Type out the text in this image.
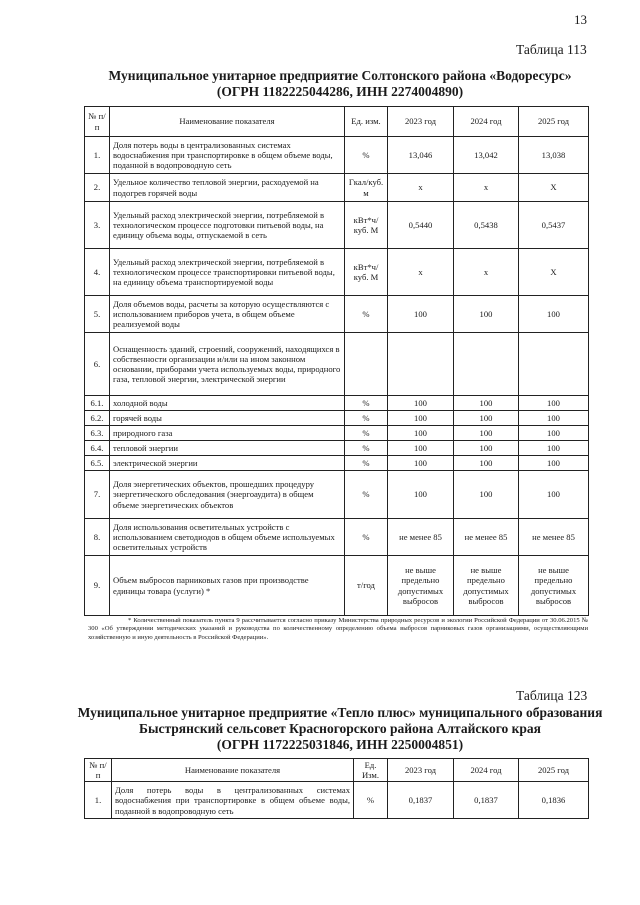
13
Таблица 113
Муниципальное унитарное предприятие Солтонского района «Водоресурс»
(ОГРН 1182225044286, ИНН 2274004890)
№ п/п	Наименование показателя	Ед. изм.	2023 год	2024 год	2025 год
1.	Доля потерь воды в централизованных системах водоснабжения при транспортировке в общем объеме воды, поданной в водопроводную сеть	%	13,046	13,042	13,038
2.	Удельное количество тепловой энергии, расходуемой на подогрев горячей воды	Гкал/куб. м	х	х	Х
3.	Удельный расход электрической энергии, потребляемой в технологическом процессе подготовки питьевой воды, на единицу объема воды, отпускаемой в сеть	кВт*ч/куб. М	0,5440	0,5438	0,5437
4.	Удельный расход электрической энергии, потребляемой в технологическом процессе транспортировки питьевой воды, на единицу объема транспортируемой воды	кВт*ч/куб. М	х	х	Х
5.	Доля объемов воды, расчеты за которую осуществляются с использованием приборов учета, в общем объеме реализуемой воды	%	100	100	100
6.	Оснащенность зданий, строений, сооружений, находящихся в собственности организации и/или на ином законном основании, приборами учета используемых воды, природного газа, тепловой энергии, электрической энергии				
6.1.	холодной воды	%	100	100	100
6.2.	горячей воды	%	100	100	100
6.3.	природного газа	%	100	100	100
6.4.	тепловой энергии	%	100	100	100
6.5.	электрической энергии	%	100	100	100
7.	Доля энергетических объектов, прошедших процедуру энергетического обследования (энергоаудита) в общем объеме энергетических объектов	%	100	100	100
8.	Доля использования осветительных устройств с использованием светодиодов в общем объеме используемых осветительных устройств	%	не менее 85	не менее 85	не менее 85
9.	Объем выбросов парниковых газов при производстве единицы товара (услуги) *	т/год	не выше предельно допустимых выбросов	не выше предельно допустимых выбросов	не выше предельно допустимых выбросов
* Количественный показатель пункта 9 рассчитывается согласно приказу Министерства природных ресурсов и экологии Российской Федерации от 30.06.2015 № 300 «Об утверждении методических указаний и руководства по количественному определению объема выбросов парниковых газов организациями, осуществляющими хозяйственную и иную деятельность в Российской Федерации».
Таблица 123
Муниципальное унитарное предприятие «Тепло плюс» муниципального образования
Быстрянский сельсовет Красногорского района Алтайского края
(ОГРН 1172225031846, ИНН 2250004851)
№ п/п	Наименование показателя	Ед. Изм.	2023 год	2024 год	2025 год
1.	Доля потерь воды в централизованных системах водоснабжения при транспортировке в общем объеме воды, поданной в водопроводную сеть	%	0,1837	0,1837	0,1836
